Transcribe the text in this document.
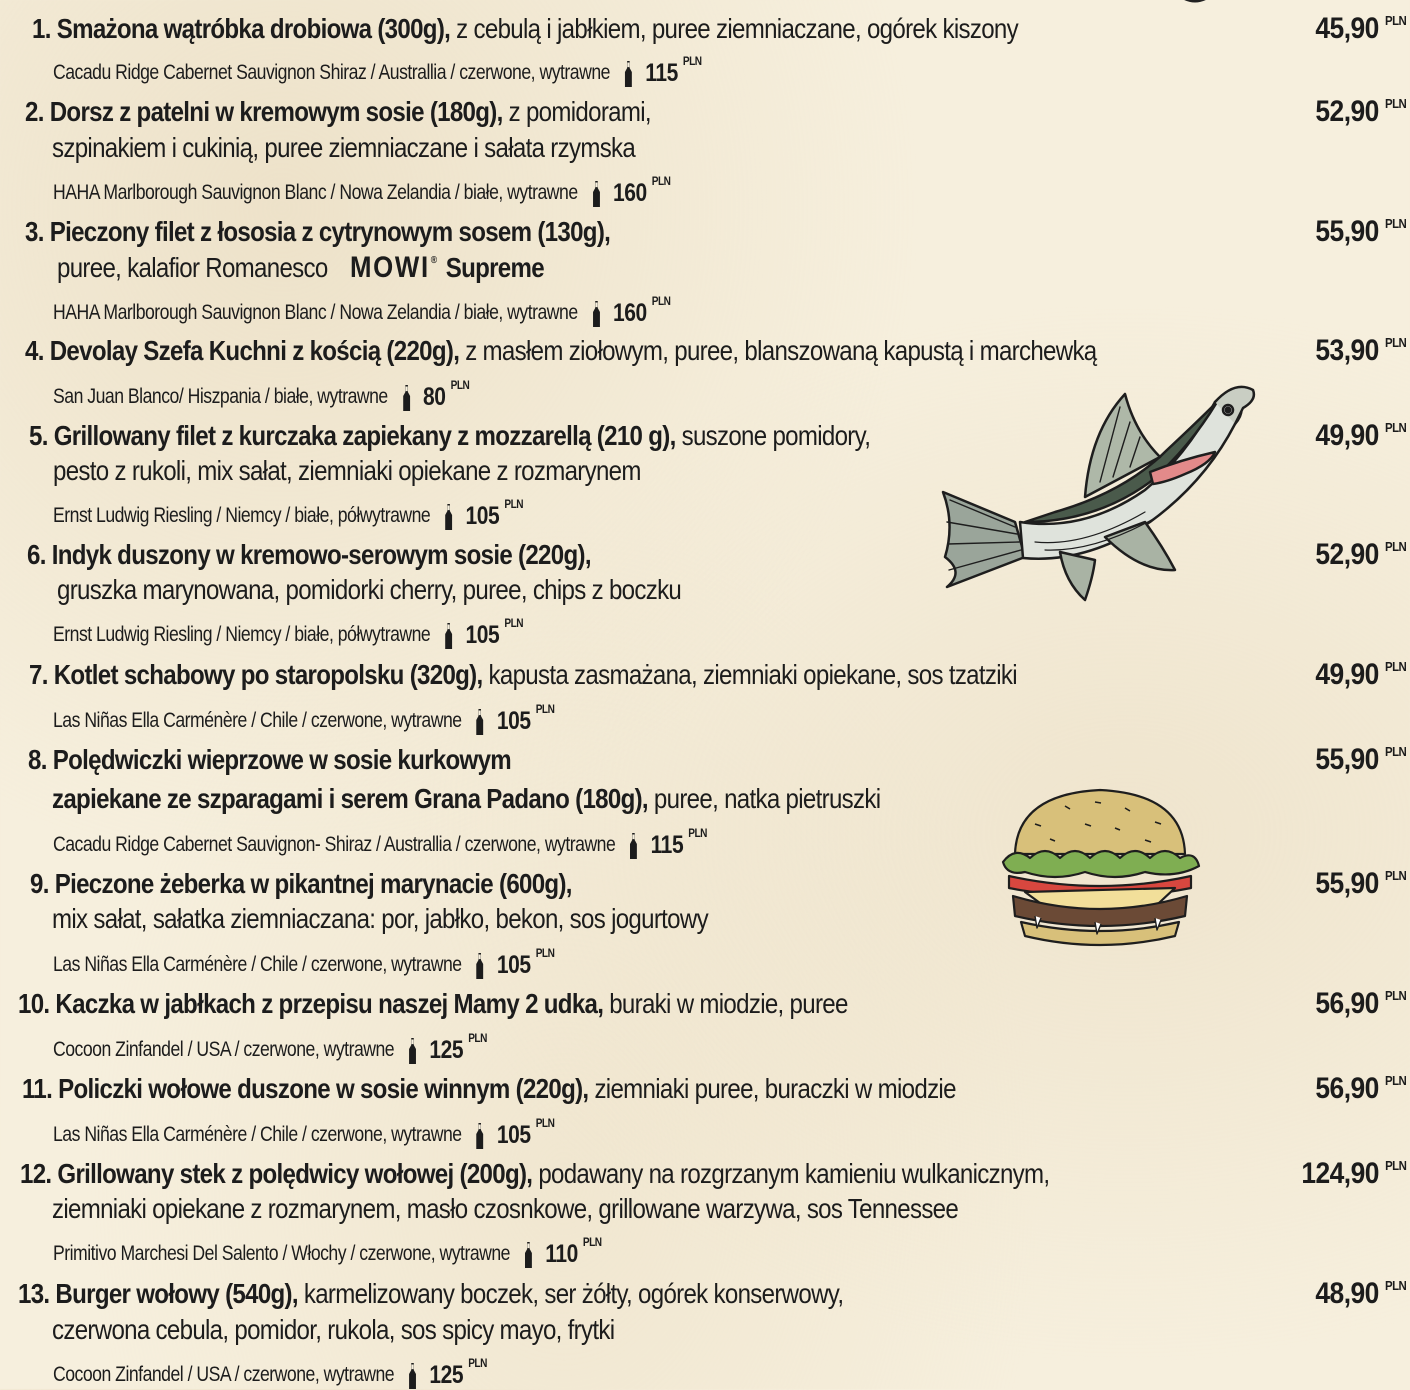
1. Smażona wątróbka drobiowa (300g), z cebulą i jabłkiem, puree ziemniaczane, ogórek kiszony	45,90 $^{PLN}$
Cacadu Ridge Cabernet Sauvignon Shiraz / Australlia / czerwone, wytrawne 115 PLN
2. Dorsz z patelni w kremowym sosie (180g), z pomidorami,
szpinakiem i cukinią, puree ziemniaczane i sałata rzymska
52,90 $^{PLN}$
HAHA Marlborough Sauvignon Blanc / Nowa Zelandia / białe, wytrawne 160 PLN
3. Pieczony filet z łososia z cytrynowym sosem (130g),
puree, kalafior Romanesco MOWI® Supreme
55,90 $^{PLN}$
HAHA Marlborough Sauvignon Blanc / Nowa Zelandia / białe, wytrawne 160 PLN
4. Devolay Szefa Kuchni z kością (220g), z masłem ziołowym, puree, blanszowaną kapustą i marchewką	53,90 $^{PLN}$
San Juan Blanco/ Hiszpania / białe, wytrawne 80 PLN
5. Grillowany filet z kurczaka zapiekany z mozzarellą (210 g), suszone pomidory,
pesto z rukoli, mix sałat, ziemniaki opiekane z rozmarynem
49,90 $^{PLN}$
Ernst Ludwig Riesling / Niemcy / białe, półwytrawne 105 PLN
6. Indyk duszony w kremowo-serowym sosie (220g),
gruszka marynowana, pomidorki cherry, puree, chips z boczku
52,90 $^{PLN}$
Ernst Ludwig Riesling / Niemcy / białe, półwytrawne 105 PLN
7. Kotlet schabowy po staropolsku (320g), kapusta zasmażana, ziemniaki opiekane, sos tzatziki	49,90 $^{PLN}$
Las Niñas Ella Carménère / Chile / czerwone, wytrawne 105 PLN
8. Polędwiczki wieprzowe w sosie kurkowym
zapiekane ze szparagami i serem Grana Padano (180g), puree, natka pietruszki
55,90 $^{PLN}$
Cacadu Ridge Cabernet Sauvignon- Shiraz / Australlia / czerwone, wytrawne 115 PLN
9. Pieczone żeberka w pikantnej marynacie (600g),
mix sałat, sałatka ziemniaczana: por, jabłko, bekon, sos jogurtowy
55,90 $^{PLN}$
Las Niñas Ella Carménère / Chile / czerwone, wytrawne 105 PLN
10. Kaczka w jabłkach z przepisu naszej Mamy 2 udka, buraki w miodzie, puree	56,90 $^{PLN}$
Cocoon Zinfandel / USA / czerwone, wytrawne 125 PLN
11. Policzki wołowe duszone w sosie winnym (220g), ziemniaki puree, buraczki w miodzie	56,90 $^{PLN}$
Las Niñas Ella Carménère / Chile / czerwone, wytrawne 105 PLN
12. Grillowany stek z polędwicy wołowej (200g), podawany na rozgrzanym kamieniu wulkanicznym,
ziemniaki opiekane z rozmarynem, masło czosnkowe, grillowane warzywa, sos Tennessee
124,90 $^{PLN}$
Primitivo Marchesi Del Salento / Włochy / czerwone, wytrawne 110 PLN
13. Burger wołowy (540g), karmelizowany boczek, ser żółty, ogórek konserwowy,
czerwona cebula, pomidor, rukola, sos spicy mayo, frytki
48,90 $^{PLN}$
Cocoon Zinfandel / USA / czerwone, wytrawne 125 PLN
